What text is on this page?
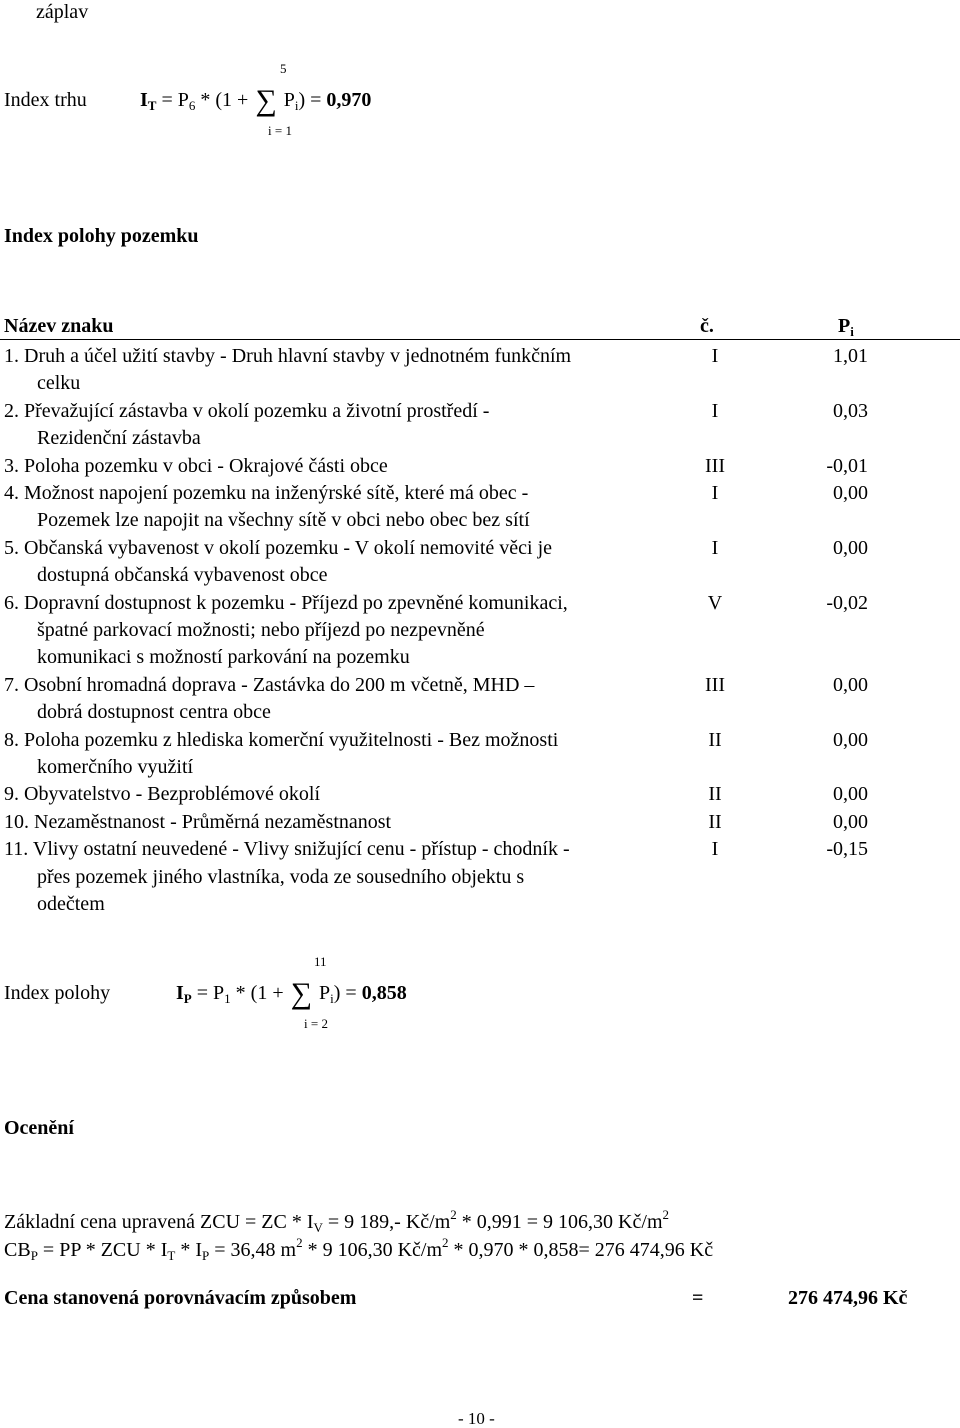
záplav
5
Index trhu	$I_T = P_6 * (1$ + ∑ $P_i) = 0,970$
i = 1
Index polohy pozemku
Název znaku	č.	$P_i$
1. Druh a účel užití stavby - Druh hlavní stavby v jednotném funkčním
celku
I	1,01
2. Převažující zástavba v okolí pozemku a životní prostředí -
Rezidenční zástavba
I	0,03
3. Poloha pozemku v obci - Okrajové části obce	III	-0,01
4. Možnost napojení pozemku na inženýrské sítě, které má obec -
Pozemek lze napojit na všechny sítě v obci nebo obec bez sítí
I	0,00
5. Občanská vybavenost v okolí pozemku - V okolí nemovité věci je
dostupná občanská vybavenost obce
I	0,00
6. Dopravní dostupnost k pozemku - Příjezd po zpevněné komunikaci,
špatné parkovací možnosti; nebo příjezd po nezpevněné
komunikaci s možností parkování na pozemku
V	-0,02
7. Osobní hromadná doprava - Zastávka do 200 m včetně, MHD –
dobrá dostupnost centra obce
III	0,00
8. Poloha pozemku z hlediska komerční využitelnosti - Bez možnosti
komerčního využití
II	0,00
9. Obyvatelstvo - Bezproblémové okolí	II	0,00
10. Nezaměstnanost - Průměrná nezaměstnanost	II	0,00
11. Vlivy ostatní neuvedené - Vlivy snižující cenu - přístup - chodník -
přes pozemek jiného vlastníka, voda ze sousedního objektu s
odečtem
I	-0,15
11
Index polohy	$I_P = P_1 * (1$ + ∑ $P_i) = 0,858$
i = 2
Ocenění
Základní cena upravená ZCU = ZC * $I_V = 9$ 189,- $Kč/m^2 * 0,991 = 9$ 106,30 $Kč/m^2$
$CB_P$ = PP * ZCU * $I_T * I_P = 36,48$ $m^2 * 9$ 106,30 $Kč/m^2 * 0,970 * 0,858= 276$ 474,96 Kč
Cena stanovená porovnávacím způsobem	=	276 474,96 Kč
- 10 -
